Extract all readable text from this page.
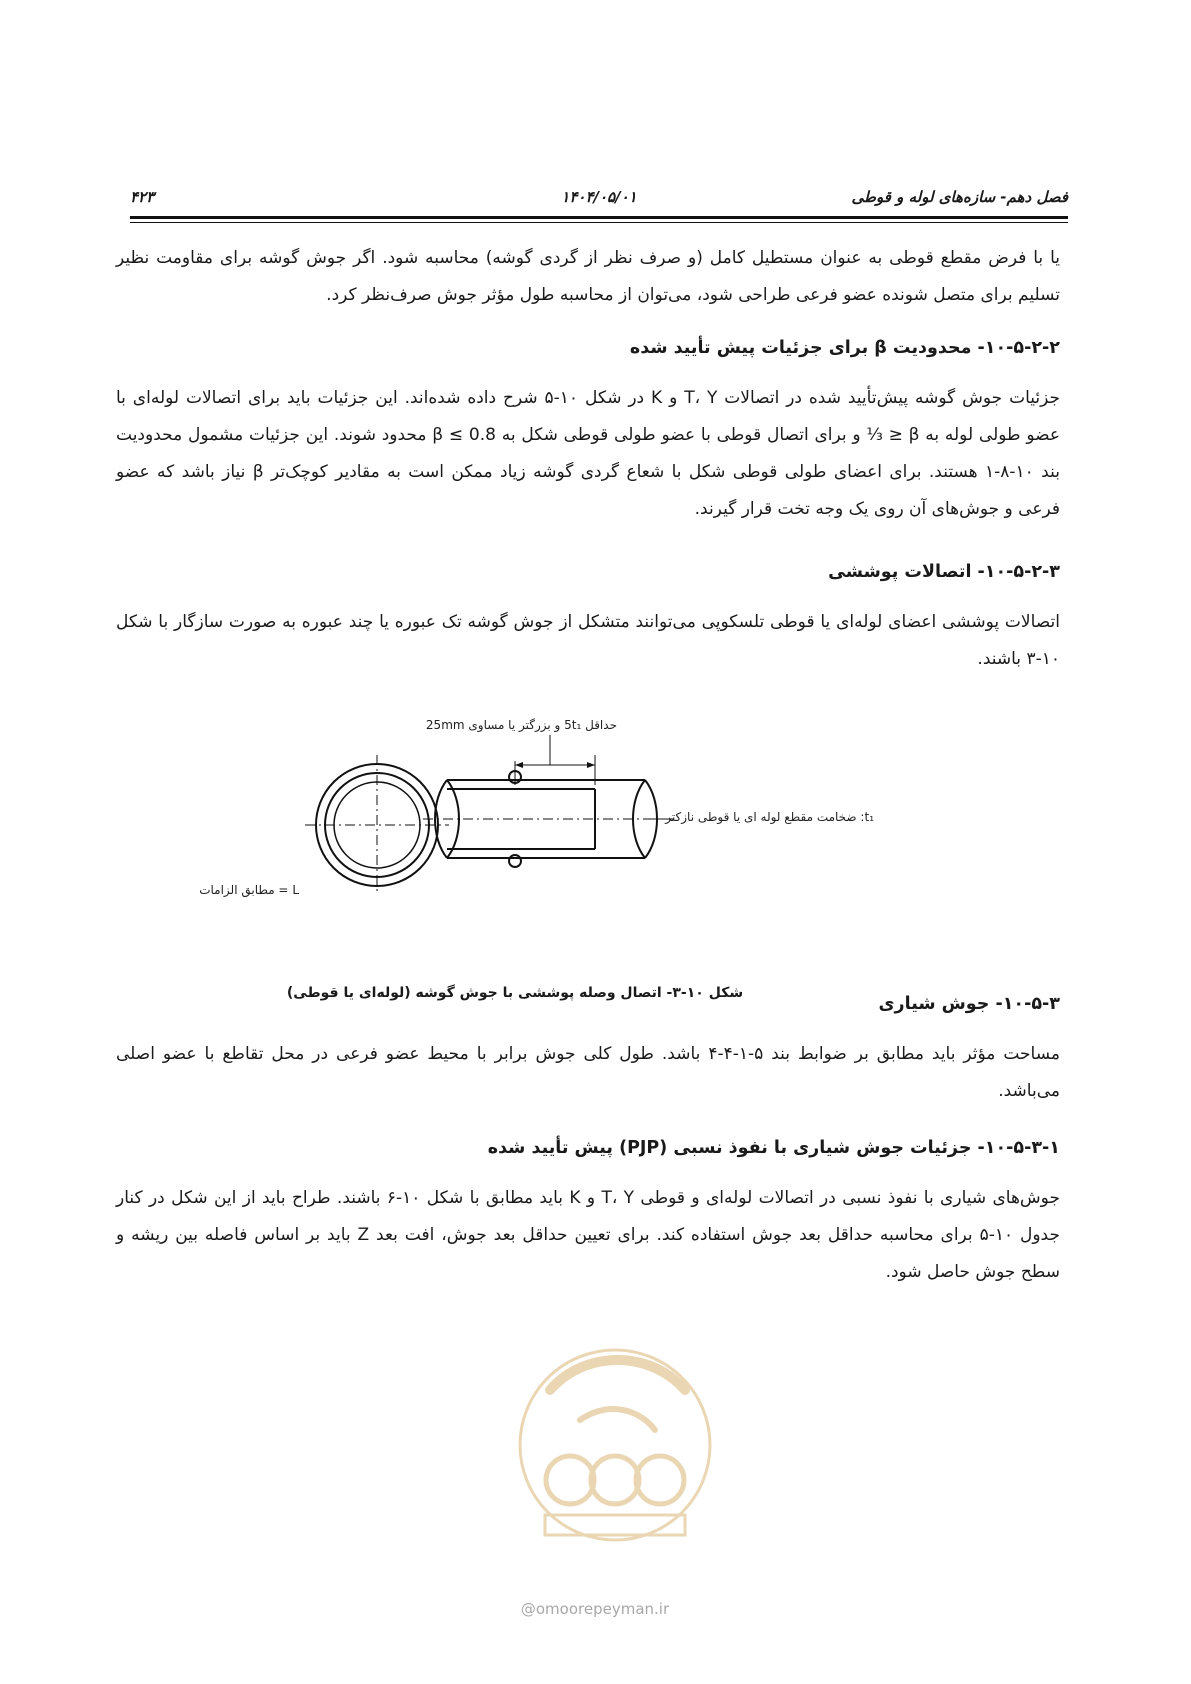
فصل دهم- سازه‌های لوله و قوطی
۱۴۰۴/۰۵/۰۱
۴۲۳
یا با فرض مقطع قوطی به عنوان مستطیل کامل (و صرف نظر از گردی گوشه) محاسبه شود. اگر جوش گوشه برای مقاومت نظیر تسلیم برای متصل شونده عضو فرعی طراحی شود، می‌توان از محاسبه طول مؤثر جوش صرف‌نظر کرد.
۱۰-۵-۲-۲- محدودیت β برای جزئیات پیش تأیید شده
جزئیات جوش گوشه پیش‌تأیید شده در اتصالات T، Y و K در شکل ۱۰-۵ شرح داده شده‌اند. این جزئیات باید برای اتصالات لوله‌ای با عضو طولی لوله به β ≤ ⅓ و برای اتصال قوطی با عضو طولی قوطی شکل به β ≤ 0.8 محدود شوند. این جزئیات مشمول محدودیت بند ۱۰-۸-۱ هستند. برای اعضای طولی قوطی شکل با شعاع گردی گوشه زیاد ممکن است به مقادیر کوچک‌تر β نیاز باشد که عضو فرعی و جوش‌های آن روی یک وجه تخت قرار گیرند.
۱۰-۵-۲-۳- اتصالات پوششی
اتصالات پوششی اعضای لوله‌ای یا قوطی تلسکوپی می‌توانند متشکل از جوش گوشه تک عبوره یا چند عبوره به صورت سازگار با شکل ۱۰-۳ باشند.
حداقل 5t₁ و بزرگتر یا مساوی 25mm
t₁: ضخامت مقطع لوله ای یا قوطی نازکتر
L = مطابق الزامات
شکل ۱۰-۳- اتصال وصله پوششی با جوش گوشه (لوله‌ای یا قوطی)
۱۰-۵-۳- جوش شیاری
مساحت مؤثر باید مطابق بر ضوابط بند ۵-۱-۴-۴ باشد. طول کلی جوش برابر با محیط عضو فرعی در محل تقاطع با عضو اصلی می‌باشد.
۱۰-۵-۳-۱- جزئیات جوش شیاری با نفوذ نسبی (PJP) پیش تأیید شده
جوش‌های شیاری با نفوذ نسبی در اتصالات لوله‌ای و قوطی T، Y و K باید مطابق با شکل ۱۰-۶ باشند. طراح باید از این شکل در کنار جدول ۱۰-۵ برای محاسبه حداقل بعد جوش استفاده کند. برای تعیین حداقل بعد جوش، افت بعد Z باید بر اساس فاصله بین ریشه و سطح جوش حاصل شود.
@omoorepeyman.ir
